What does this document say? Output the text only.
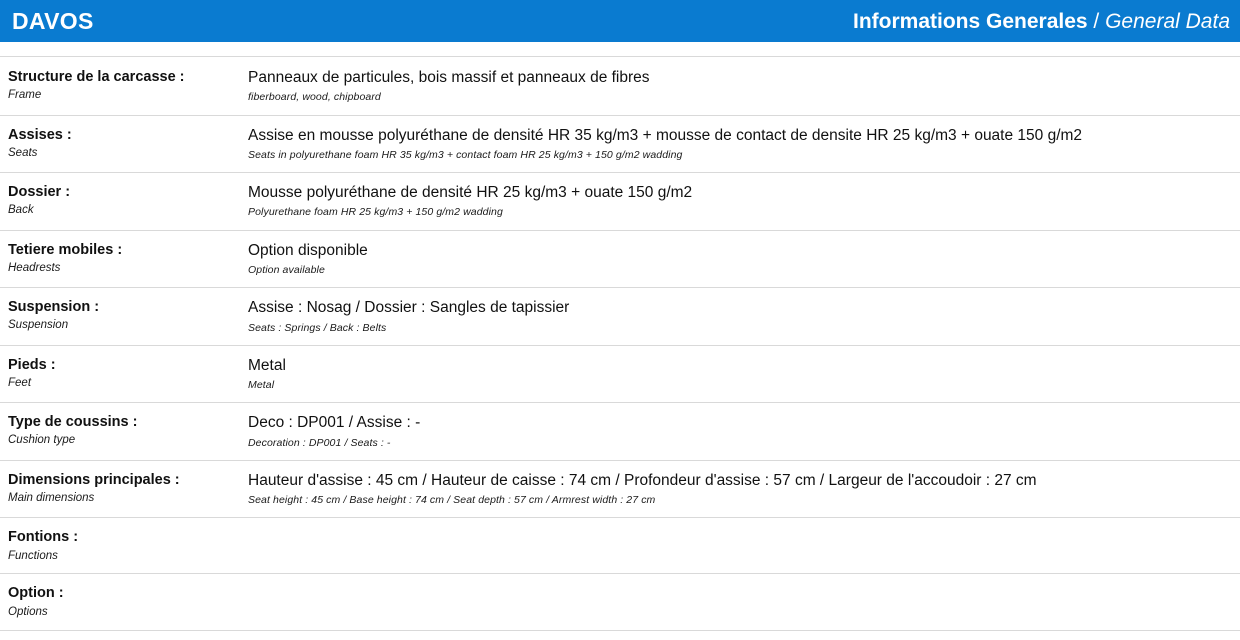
DAVOS	Informations Generales / General Data
Structure de la carcasse :
Frame
Panneaux de particules, bois massif et panneaux de fibres
fiberboard, wood, chipboard
Assises :
Seats
Assise en mousse polyuréthane de densité HR 35 kg/m3 + mousse de contact de densite HR 25 kg/m3 + ouate 150 g/m2
Seats in polyurethane foam HR 35 kg/m3 + contact foam HR 25 kg/m3 + 150 g/m2 wadding
Dossier :
Back
Mousse polyuréthane de densité HR 25 kg/m3 + ouate 150 g/m2
Polyurethane foam HR 25 kg/m3 + 150 g/m2 wadding
Tetiere mobiles :
Headrests
Option disponible
Option available
Suspension :
Suspension
Assise : Nosag / Dossier : Sangles de tapissier
Seats : Springs / Back : Belts
Pieds :
Feet
Metal
Metal
Type de coussins :
Cushion type
Deco : DP001 / Assise : -
Decoration : DP001 / Seats : -
Dimensions principales :
Main dimensions
Hauteur d'assise : 45 cm / Hauteur de caisse : 74 cm / Profondeur d'assise : 57 cm / Largeur de l'accoudoir : 27 cm
Seat height : 45 cm / Base height : 74 cm / Seat depth : 57 cm / Armrest width : 27 cm
Fontions :
Functions
Option :
Options
